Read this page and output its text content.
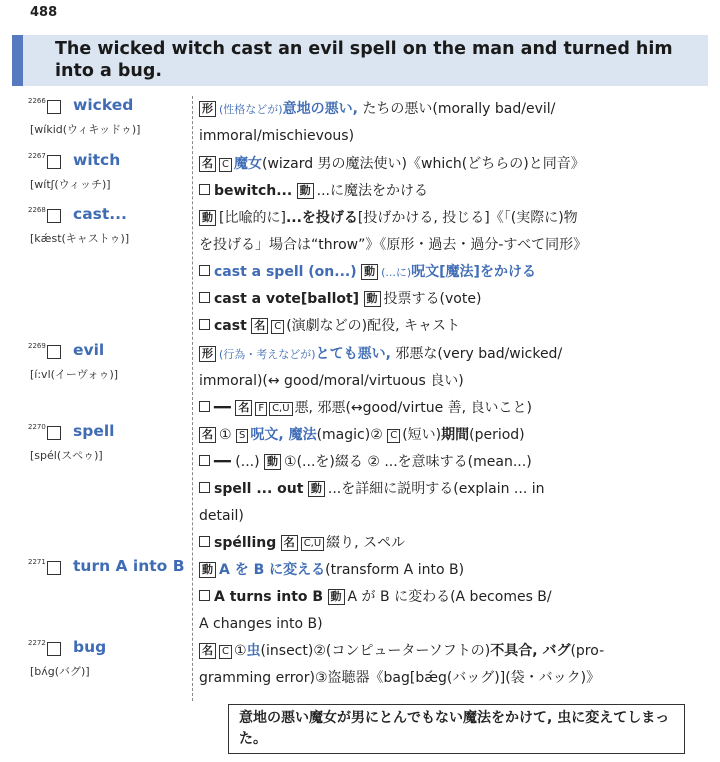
488
The wicked witch cast an evil spell on the man and turned him into a bug.
2266 wicked
[wíkid(ウィキッドゥ)]
形 (性格などが)意地の悪い, たちの悪い(morally bad/evil/
immoral/mischievous)
2267 witch
[wítʃ(ウィッチ)]
名 C 魔女(wizard 男の魔法使い)《which(どちらの)と同音》
bewitch... 動 ...に魔法をかける
2268 cast...
[kǽst(キャストゥ)]
動 [比喩的に]...を投げる[投げかける, 投じる]《「(実際に)物
を投げる」場合は“throw”》《原形・過去・過分-すべて同形》
cast a spell (on...) 動 (...に)呪文[魔法]をかける
cast a vote[ballot] 動 投票する(vote)
cast 名 C (演劇などの)配役, キャスト
2269 evil
[í:vl(イーヴォゥ)]
形 (行為・考えなどが)とても悪い, 邪悪な(very bad/wicked/
immoral)(↔ good/moral/virtuous 良い)
━━ 名 F C,U 悪, 邪悪(↔good/virtue 善, 良いこと)
2270 spell
[spél(スペゥ)]
名 ① S 呪文, 魔法(magic)② C (短い)期間(period)
━━ (...) 動 ①(...を)綴る ② ...を意味する(mean...)
spell ... out 動 ...を詳細に説明する(explain ... in
detail)
spélling 名 C,U 綴り, スペル
2271 turn A into B 動 A を B に変える(transform A into B)
A turns into B 動 A が B に変わる(A becomes B/
A changes into B)
2272 bug
[bʌ́g(バグ)]
名 C ①虫(insect)②(コンピューターソフトの)不具合, バグ(pro-
gramming error)③盗聴器《bag[bǽg(バッグ)](袋・バック)》
意地の悪い魔女が男にとんでもない魔法をかけて, 虫に変えてしまった。
